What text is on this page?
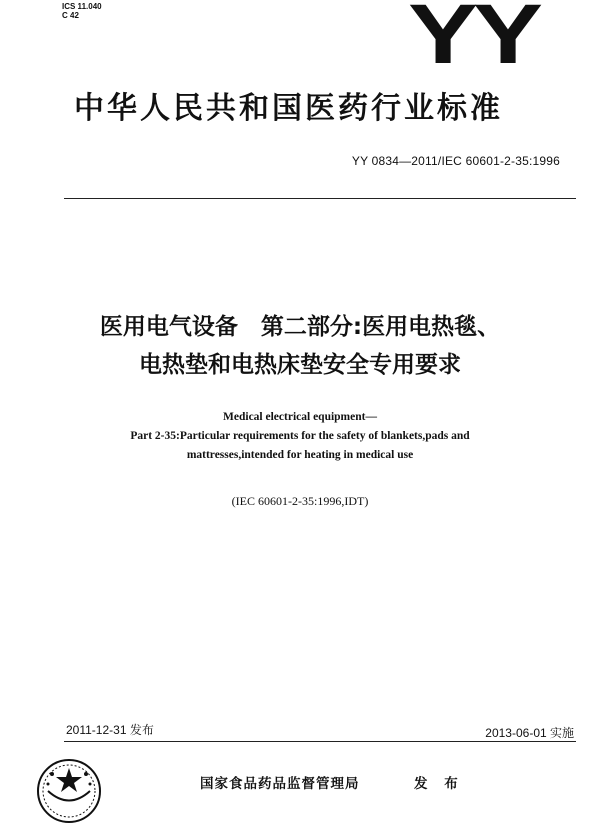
ICS 11.040
C 42	YY
中华人民共和国医药行业标准
YY 0834—2011/IEC 60601-2-35:1996
医用电气设备　第二部分:医用电热毯、
电热垫和电热床垫安全专用要求
Medical electrical equipment—
Part 2-35:Particular requirements for the safety of blankets,pads and
mattresses,intended for heating in medical use
(IEC 60601-2-35:1996,IDT)
2011-12-31 发布	2013-06-01 实施
国家食品药品监督管理局	发 布
